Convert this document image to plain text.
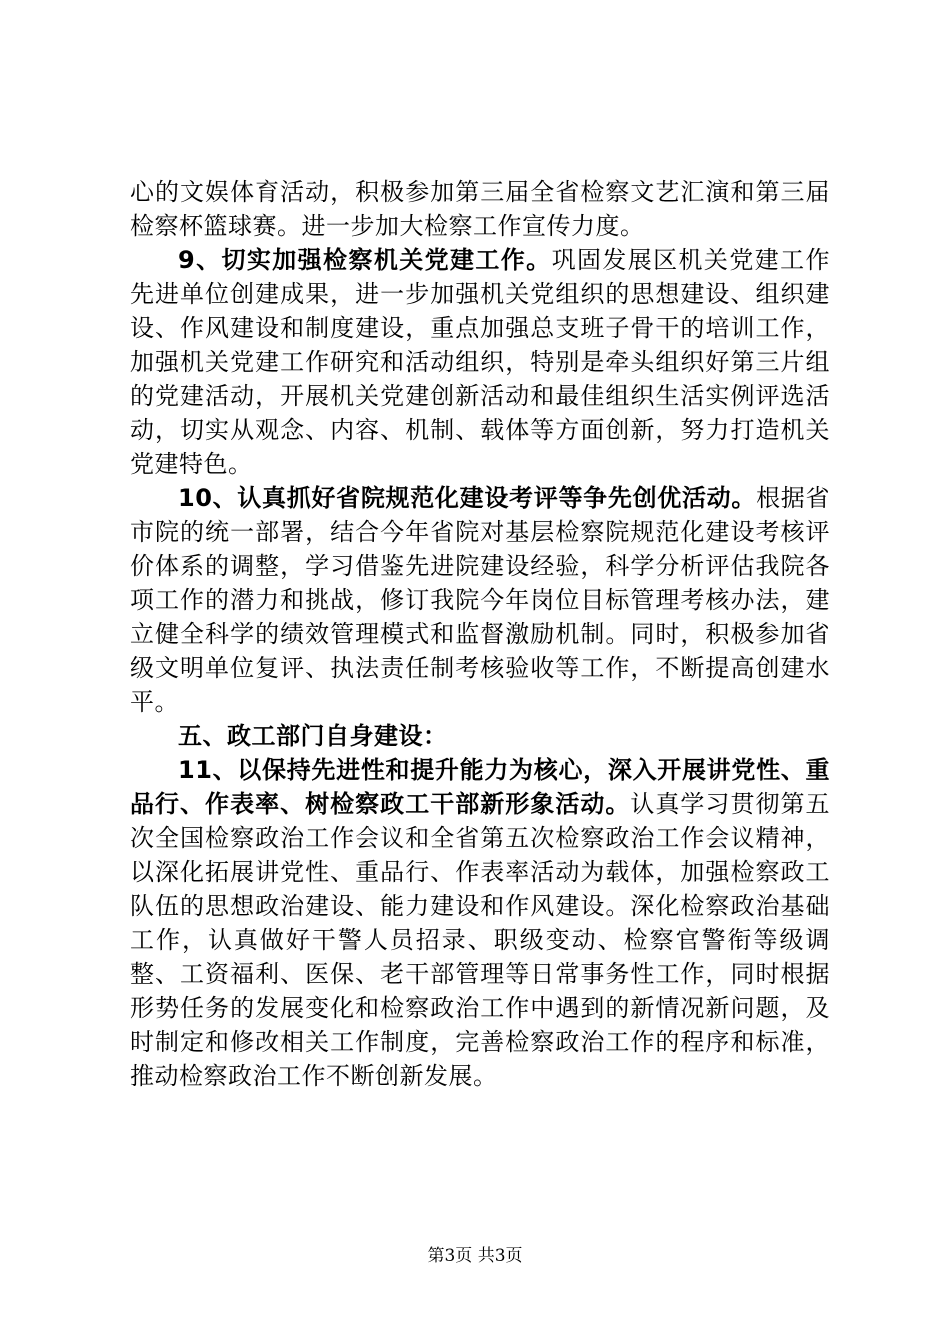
心的文娱体育活动，积极参加第三届全省检察文艺汇演和第三届检察杯篮球赛。进一步加大检察工作宣传力度。

9、切实加强检察机关党建工作。巩固发展区机关党建工作先进单位创建成果，进一步加强机关党组织的思想建设、组织建设、作风建设和制度建设，重点加强总支班子骨干的培训工作，加强机关党建工作研究和活动组织，特别是牵头组织好第三片组的党建活动，开展机关党建创新活动和最佳组织生活实例评选活动，切实从观念、内容、机制、载体等方面创新，努力打造机关党建特色。

10、认真抓好省院规范化建设考评等争先创优活动。根据省市院的统一部署，结合今年省院对基层检察院规范化建设考核评价体系的调整，学习借鉴先进院建设经验，科学分析评估我院各项工作的潜力和挑战，修订我院今年岗位目标管理考核办法，建立健全科学的绩效管理模式和监督激励机制。同时，积极参加省级文明单位复评、执法责任制考核验收等工作，不断提高创建水平。

五、政工部门自身建设：

11、以保持先进性和提升能力为核心，深入开展讲党性、重品行、作表率、树检察政工干部新形象活动。认真学习贯彻第五次全国检察政治工作会议和全省第五次检察政治工作会议精神，以深化拓展讲党性、重品行、作表率活动为载体，加强检察政工队伍的思想政治建设、能力建设和作风建设。深化检察政治基础工作，认真做好干警人员招录、职级变动、检察官警衔等级调整、工资福利、医保、老干部管理等日常事务性工作，同时根据形势任务的发展变化和检察政治工作中遇到的新情况新问题，及时制定和修改相关工作制度，完善检察政治工作的程序和标准，推动检察政治工作不断创新发展。

第3页 共3页
